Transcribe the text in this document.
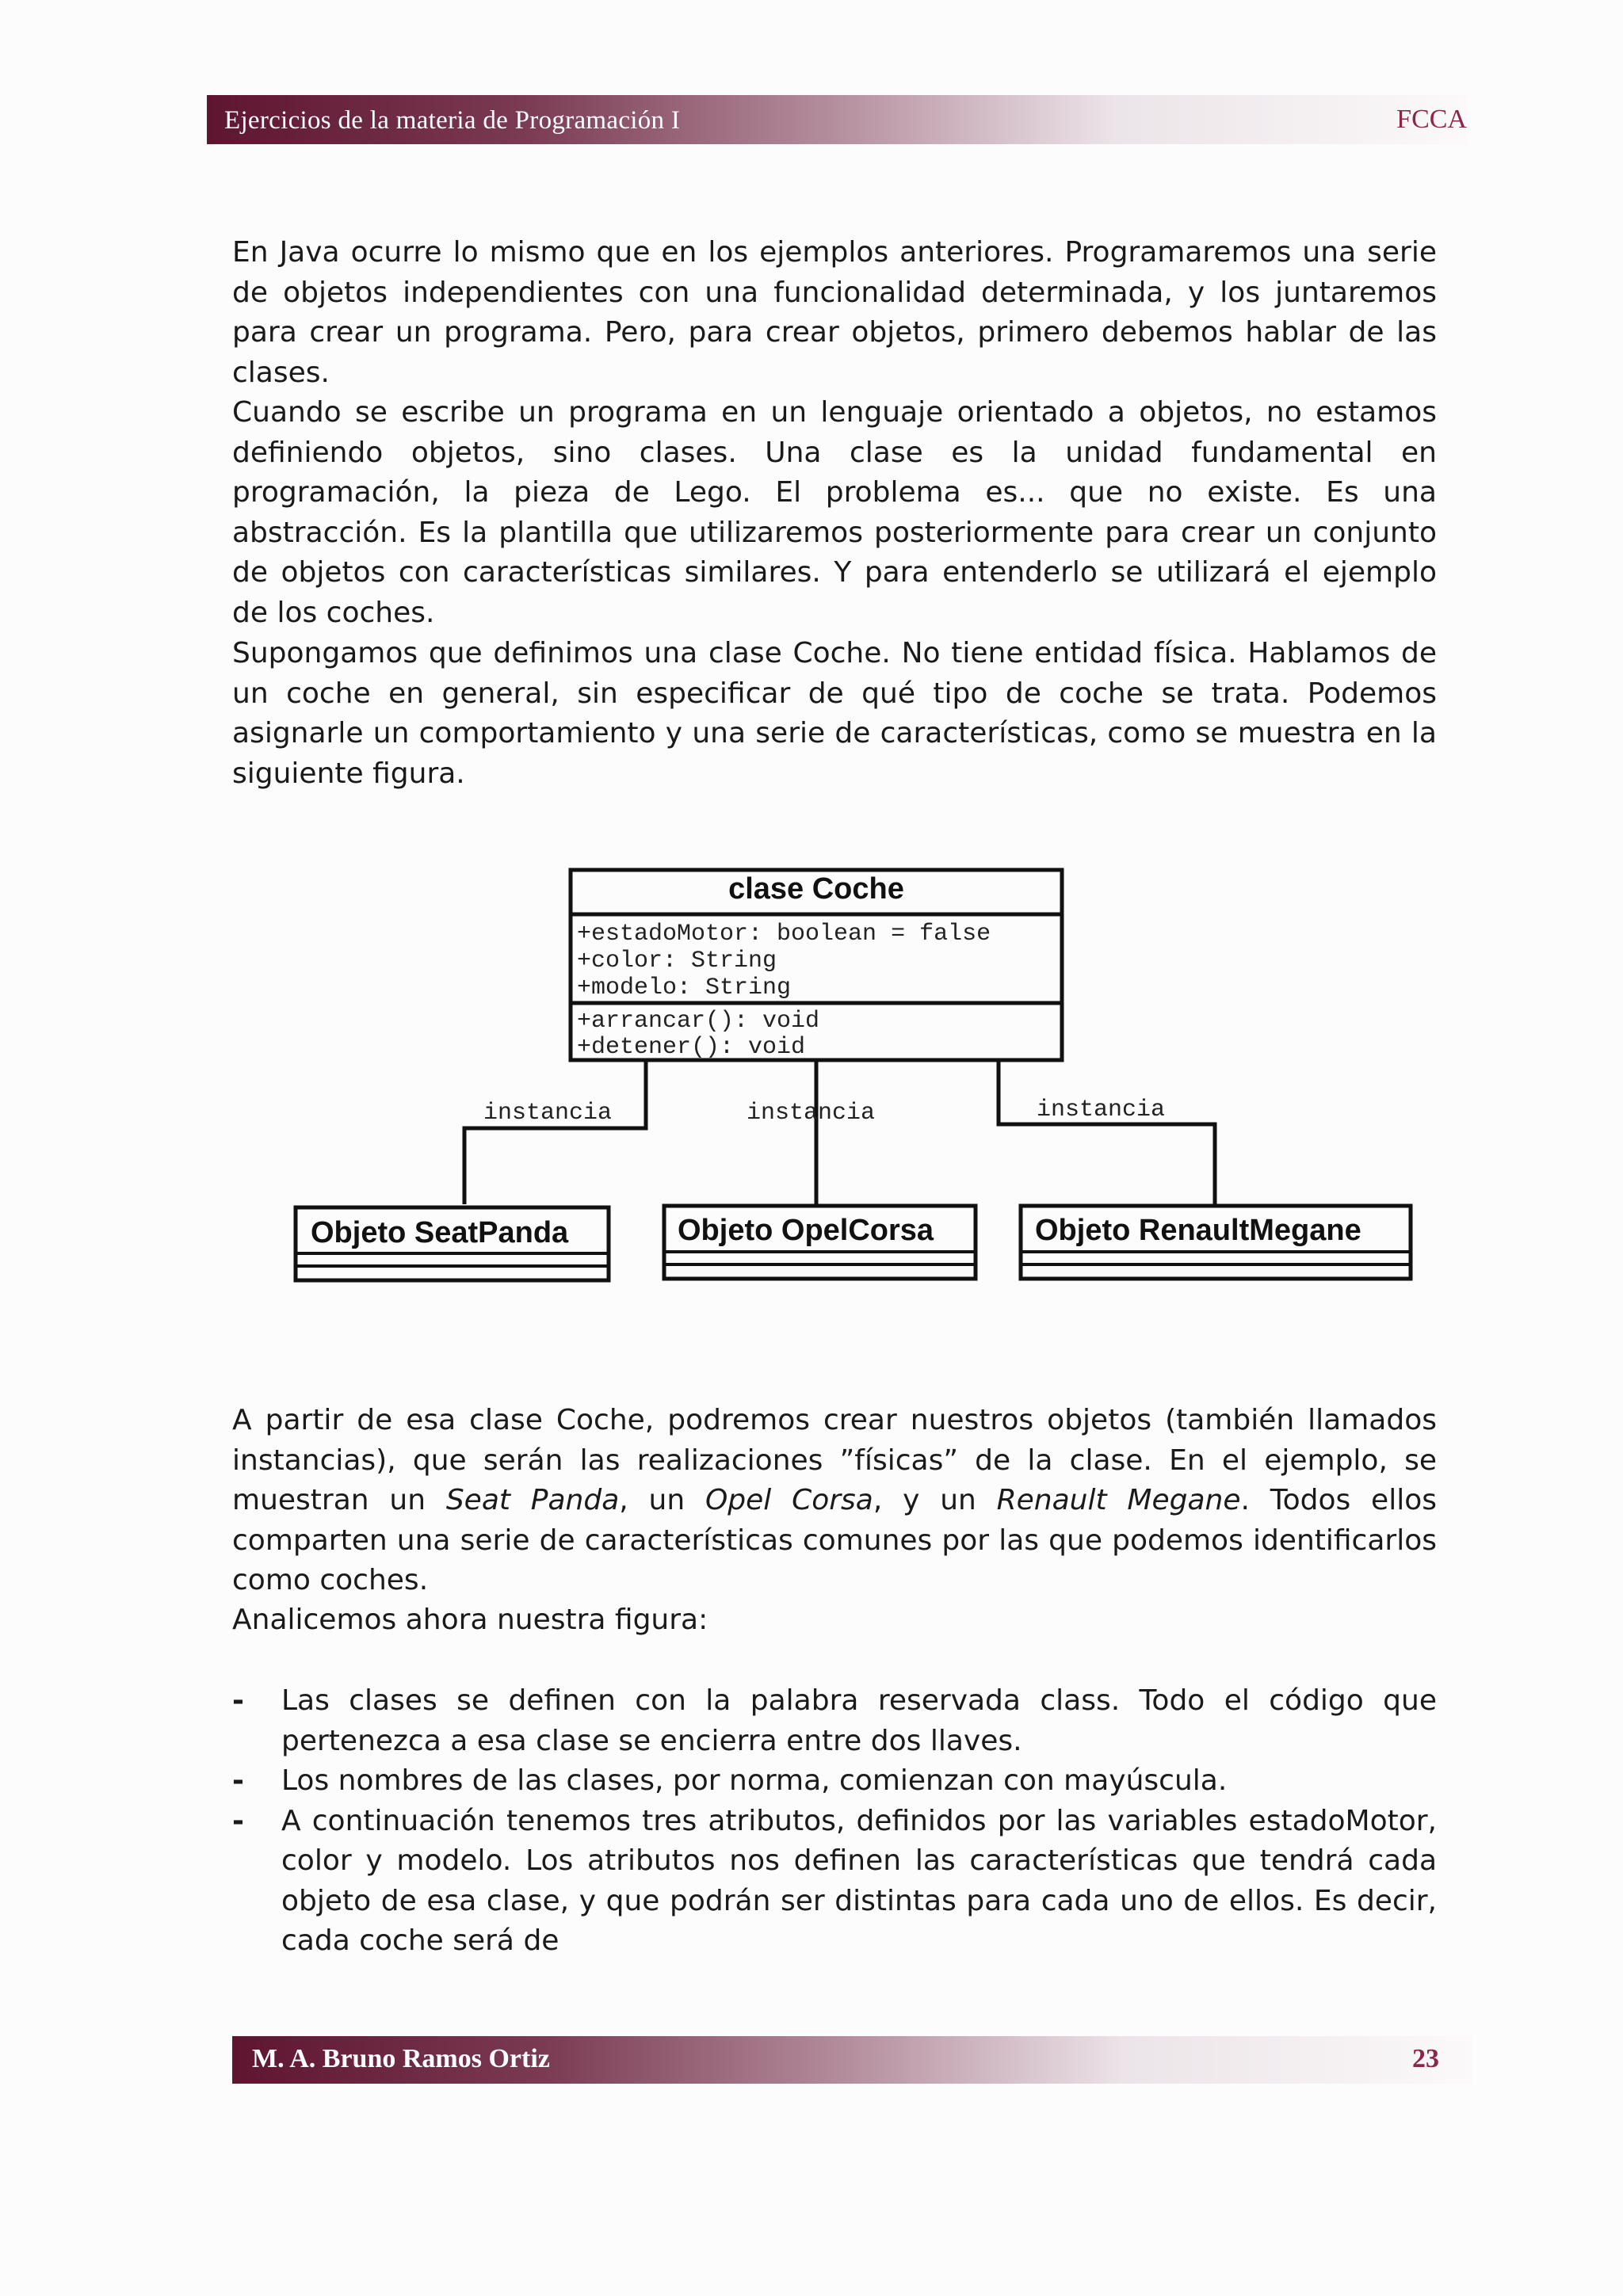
Ejercicios de la materia de Programación I	FCCA

En Java ocurre lo mismo que en los ejemplos anteriores. Programaremos una serie de objetos independientes con una funcionalidad determinada, y los juntaremos para crear un programa. Pero, para crear objetos, primero debemos hablar de las clases.

Cuando se escribe un programa en un lenguaje orientado a objetos, no estamos definiendo objetos, sino clases. Una clase es la unidad fundamental en programación, la pieza de Lego. El problema es... que no existe. Es una abstracción. Es la plantilla que utilizaremos posteriormente para crear un conjunto de objetos con características similares. Y para entenderlo se utilizará el ejemplo de los coches.

Supongamos que definimos una clase Coche. No tiene entidad física. Hablamos de un coche en general, sin especificar de qué tipo de coche se trata. Podemos asignarle un comportamiento y una serie de características, como se muestra en la siguiente figura.

clase Coche
+estadoMotor: boolean = false
+color: String
+modelo: String
+arrancar(): void
+detener(): void
instancia	instancia	instancia
Objeto SeatPanda	Objeto OpelCorsa	Objeto RenaultMegane

A partir de esa clase Coche, podremos crear nuestros objetos (también llamados instancias), que serán las realizaciones ”físicas” de la clase. En el ejemplo, se muestran un Seat Panda, un Opel Corsa, y un Renault Megane. Todos ellos comparten una serie de características comunes por las que podemos identificarlos como coches.

Analicemos ahora nuestra figura:

- Las clases se definen con la palabra reservada class. Todo el código que pertenezca a esa clase se encierra entre dos llaves.
- Los nombres de las clases, por norma, comienzan con mayúscula.
- A continuación tenemos tres atributos, definidos por las variables estadoMotor, color y modelo. Los atributos nos definen las características que tendrá cada objeto de esa clase, y que podrán ser distintas para cada uno de ellos. Es decir, cada coche será de
M. A. Bruno Ramos Ortiz	23
